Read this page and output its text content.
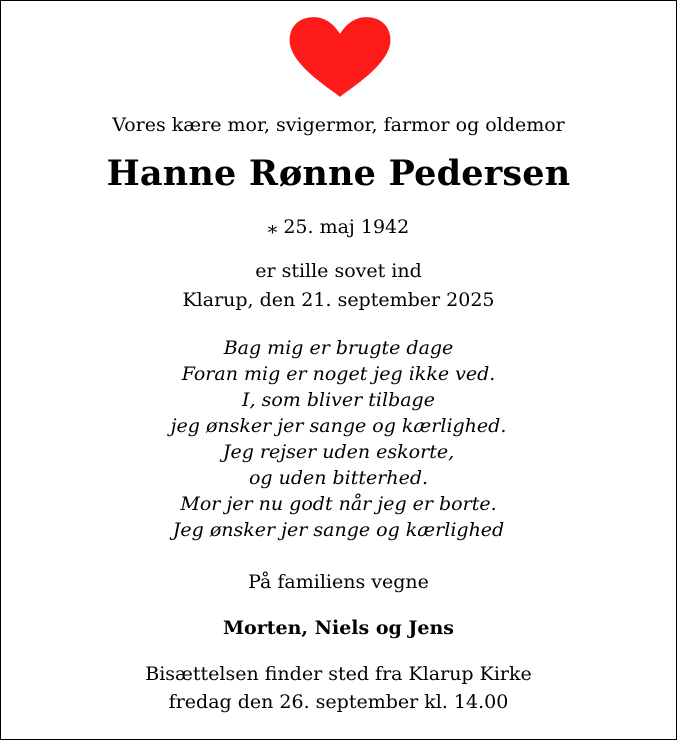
Vores kære mor, svigermor, farmor og oldemor
Hanne Rønne Pedersen
⁎ 25. maj 1942
er stille sovet ind
Klarup, den 21. september 2025
Bag mig er brugte dage
Foran mig er noget jeg ikke ved.
I, som bliver tilbage
jeg ønsker jer sange og kærlighed.
Jeg rejser uden eskorte,
og uden bitterhed.
Mor jer nu godt når jeg er borte.
Jeg ønsker jer sange og kærlighed
På familiens vegne
Morten, Niels og Jens
Bisættelsen finder sted fra Klarup Kirke
fredag den 26. september kl. 14.00
